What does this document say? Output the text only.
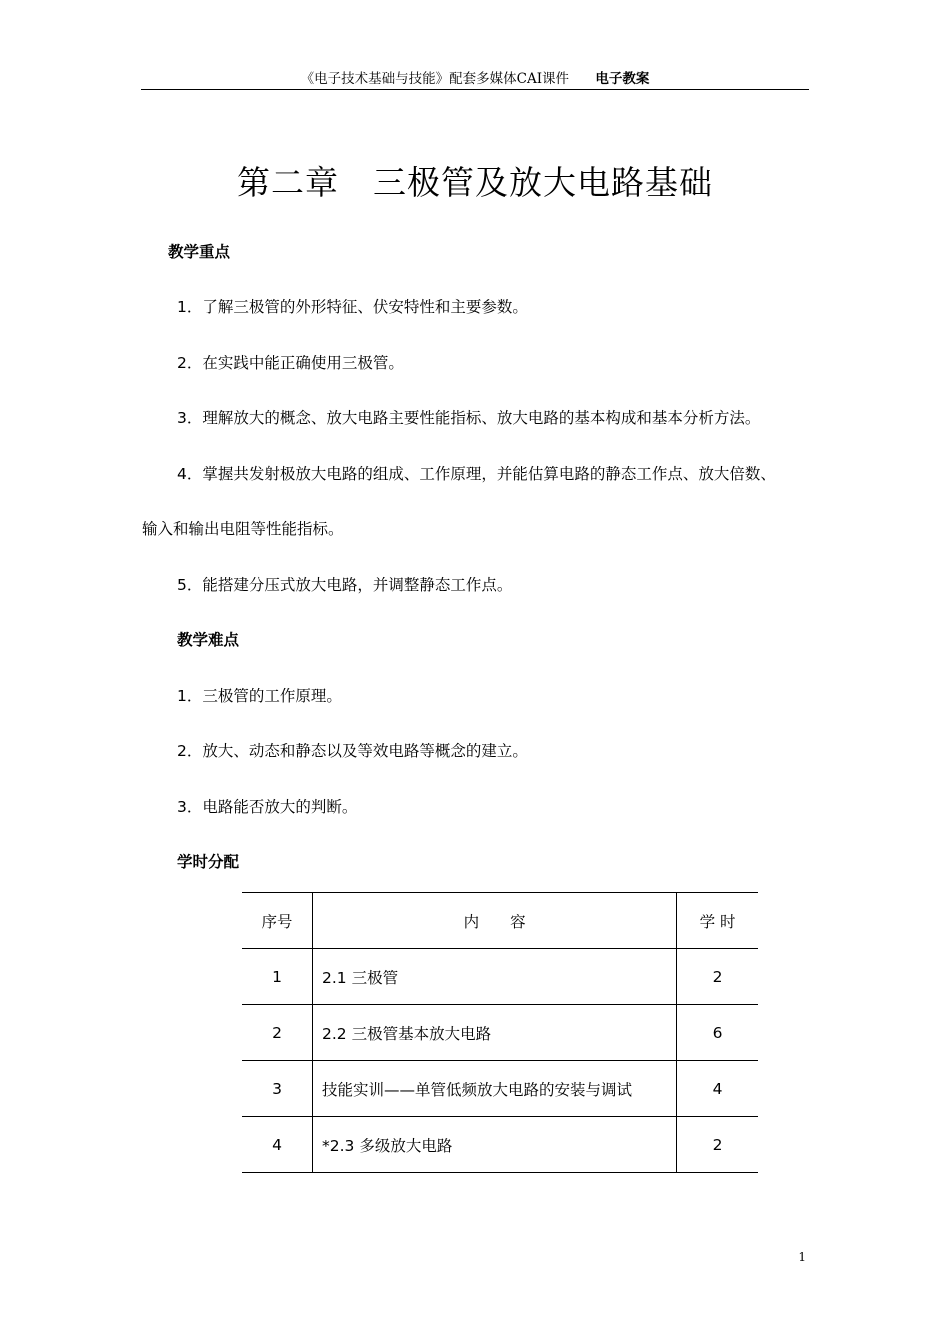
《电子技术基础与技能》配套多媒体CAI课件 电子教案
第二章 三极管及放大电路基础
教学重点
1．了解三极管的外形特征、伏安特性和主要参数。
2．在实践中能正确使用三极管。
3．理解放大的概念、放大电路主要性能指标、放大电路的基本构成和基本分析方法。
4．掌握共发射极放大电路的组成、工作原理，并能估算电路的静态工作点、放大倍数、
输入和输出电阻等性能指标。
5．能搭建分压式放大电路，并调整静态工作点。
教学难点
1．三极管的工作原理。
2．放大、动态和静态以及等效电路等概念的建立。
3．电路能否放大的判断。
学时分配
序号	内　　容	学 时
1	2.1 三极管	2
2	2.2 三极管基本放大电路	6
3	技能实训——单管低频放大电路的安装与调试	4
4	*2.3 多级放大电路	2
1
